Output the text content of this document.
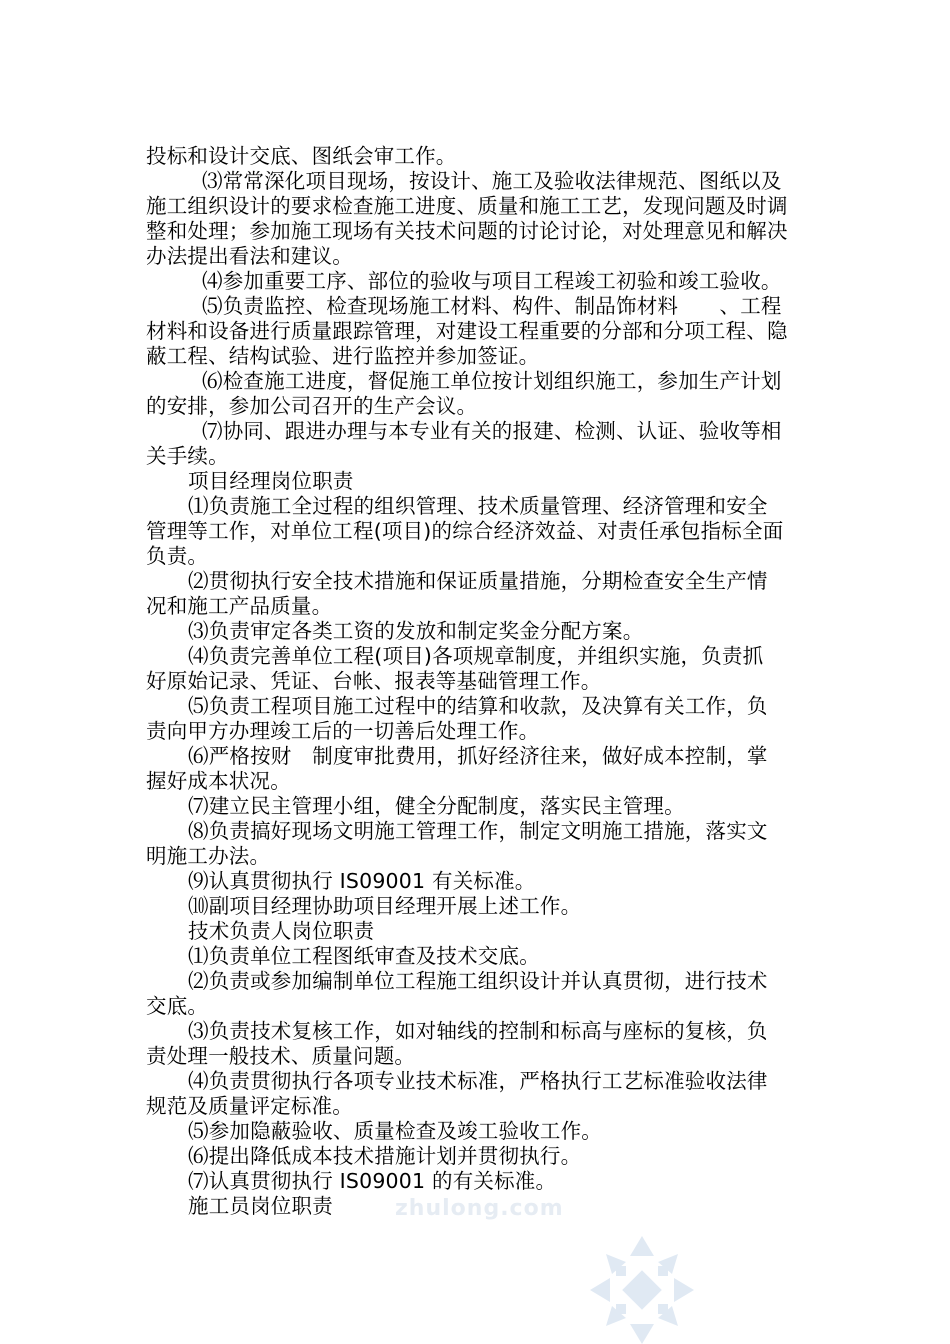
投标和设计交底、图纸会审工作。
⑶常常深化项目现场，按设计、施工及验收法律规范、图纸以及
施工组织设计的要求检查施工进度、质量和施工工艺，发现问题及时调
整和处理；参加施工现场有关技术问题的讨论讨论，对处理意见和解决
办法提出看法和建议。
⑷参加重要工序、部位的验收与项目工程竣工初验和竣工验收。
⑸负责监控、检查现场施工材料、构件、制品饰材料　　、工程
材料和设备进行质量跟踪管理，对建设工程重要的分部和分项工程、隐
蔽工程、结构试验、进行监控并参加签证。
⑹检查施工进度，督促施工单位按计划组织施工，参加生产计划
的安排，参加公司召开的生产会议。
⑺协同、跟进办理与本专业有关的报建、检测、认证、验收等相
关手续。
项目经理岗位职责
⑴负责施工全过程的组织管理、技术质量管理、经济管理和安全
管理等工作，对单位工程(项目)的综合经济效益、对责任承包指标全面
负责。
⑵贯彻执行安全技术措施和保证质量措施，分期检查安全生产情
况和施工产品质量。
⑶负责审定各类工资的发放和制定奖金分配方案。
⑷负责完善单位工程(项目)各项规章制度，并组织实施，负责抓
好原始记录、凭证、台帐、报表等基础管理工作。
⑸负责工程项目施工过程中的结算和收款，及决算有关工作，负
责向甲方办理竣工后的一切善后处理工作。
⑹严格按财　制度审批费用，抓好经济往来，做好成本控制，掌
握好成本状况。
⑺建立民主管理小组，健全分配制度，落实民主管理。
⑻负责搞好现场文明施工管理工作，制定文明施工措施，落实文
明施工办法。
⑼认真贯彻执行 IS09001 有关标准。
⑽副项目经理协助项目经理开展上述工作。
技术负责人岗位职责
⑴负责单位工程图纸审查及技术交底。
⑵负责或参加编制单位工程施工组织设计并认真贯彻，进行技术
交底。
⑶负责技术复核工作，如对轴线的控制和标高与座标的复核，负
责处理一般技术、质量问题。
⑷负责贯彻执行各项专业技术标准，严格执行工艺标准验收法律
规范及质量评定标准。
⑸参加隐蔽验收、质量检查及竣工验收工作。
⑹提出降低成本技术措施计划并贯彻执行。
⑺认真贯彻执行 IS09001 的有关标准。
施工员岗位职责	zhulong.com
